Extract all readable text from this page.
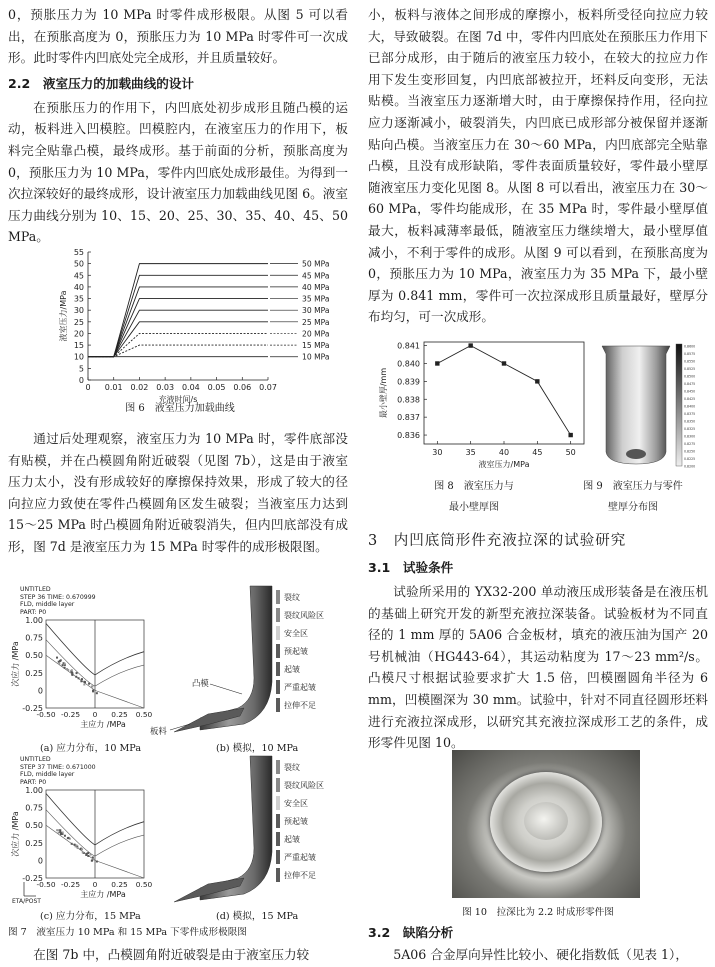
0，预胀压力为 10 MPa 时零件成形极限。从图 5 可以看出，在预胀高度为 0，预胀压力为 10 MPa 时零件可一次成形。此时零件内凹底处完全成形，并且质量较好。

2.2　液室压力的加载曲线的设计

在预胀压力的作用下，内凹底处初步成形且随凸模的运动，板料进入凹模腔。凹模腔内，在液室压力的作用下，板料完全贴靠凸模，最终成形。基于前面的分析，预胀高度为 0，预胀压力为 10 MPa，零件内凹底处成形最佳。为得到一次拉深较好的最终成形，设计液室压力加载曲线见图 6。液室压力曲线分别为 10、15、20、25、30、35、40、45、50 MPa。

0
5
10
15
20
25
30
35
40
45
50
55
0 0.01 0.02 0.03 0.04 0.05 0.06 0.07
充液时间/s
液室压力/MPa
50 MPa
45 MPa
40 MPa
35 MPa
30 MPa
25 MPa
20 MPa
15 MPa
10 MPa
图 6　液室压力加载曲线

通过后处理观察，液室压力为 10 MPa 时，零件底部没有贴模，并在凸模圆角附近破裂（见图 7b），这是由于液室压力太小，没有形成较好的摩擦保持效果，形成了较大的径向拉应力致使在零件凸模圆角区发生破裂；当液室压力达到 15～25 MPa 时凸模圆角附近破裂消失，但内凹底部没有成形，图 7d 是液室压力为 15 MPa 时零件的成形极限图。

UNTITLED
STEP 36 TIME: 0.670999
FLD, middle layer
PART: P0
1.00
0.75
0.50
0.25
0
-0.25
-0.50 -0.25 0 0.25 0.50
次应力 /MPa
主应力 /MPa
裂纹
裂纹风险区
安全区
预起皱
起皱
严重起皱
拉伸不足
凸模
板料
(a) 应力分布，10 MPa	(b) 模拟，10 MPa
UNTITLED
STEP 37 TIME: 0.671000
FLD, middle layer
PART: P0
1.00
0.75
0.50
0.25
0
-0.25
-0.50 -0.25 0 0.25 0.50
次应力 /MPa
主应力 /MPa
ETA/POST
裂纹
裂纹风险区
安全区
预起皱
起皱
严重起皱
拉伸不足
(c) 应力分布，15 MPa	(d) 模拟，15 MPa
图 7　液室压力 10 MPa 和 15 MPa 下零件成形极限图

在图 7b 中，凸模圆角附近破裂是由于液室压力较

小，板料与液体之间形成的摩擦小，板料所受径向拉应力较大，导致破裂。在图 7d 中，零件内凹底处在预胀压力作用下已部分成形，由于随后的液室压力较小，在较大的拉应力作用下发生变形回复，内凹底部被拉开，坯料反向变形，无法贴模。当液室压力逐渐增大时，由于摩擦保持作用，径向拉应力逐渐减小，破裂消失，内凹底已成形部分被保留并逐渐贴向凸模。当液室压力在 30～60 MPa，内凹底部完全贴靠凸模，且没有成形缺陷，零件表面质量较好，零件最小壁厚随液室压力变化见图 8。从图 8 可以看出，液室压力在 30～60 MPa，零件均能成形，在 35 MPa 时，零件最小壁厚值最大，板料减薄率最低，随液室压力继续增大，最小壁厚值减小，不利于零件的成形。从图 9 可以看到，在预胀高度为 0，预胀压力为 10 MPa，液室压力为 35 MPa 下，最小壁厚为 0.841 mm，零件可一次拉深成形且质量最好，壁厚分布均匀，可一次成形。

0.836
0.837
0.838
0.839
0.840
0.841
30	35	40	45	50
液室压力/MPa
最小壁厚/mm
图 8　液室压力与
最小壁厚图
0.8600
0.8575
0.8550
0.8525
0.8500
0.8475
0.8450
0.8425
0.8400
0.8375
0.8350
0.8325
0.8300
0.8275
0.8250
0.8225
0.8200
图 9　液室压力与零件
壁厚分布图
3　内凹底筒形件充液拉深的试验研究
3.1　试验条件

试验所采用的 YX32-200 单动液压成形装备是在液压机的基础上研究开发的新型充液拉深装备。试验板材为不同直径的 1 mm 厚的 5A06 合金板材，填充的液压油为国产 20 号机械油（HG443-64），其运动粘度为 17～23 mm²/s。凸模尺寸根据试验要求扩大 1.5 倍，凹模圈圆角半径为 6 mm，凹模圈深为 30 mm。试验中，针对不同直径圆形坯料进行充液拉深成形，以研究其充液拉深成形工艺的条件，成形零件见图 10。

图 10　拉深比为 2.2 时成形零件图
3.2　缺陷分析

5A06 合金厚向异性比较小、硬化指数低（见表 1），
